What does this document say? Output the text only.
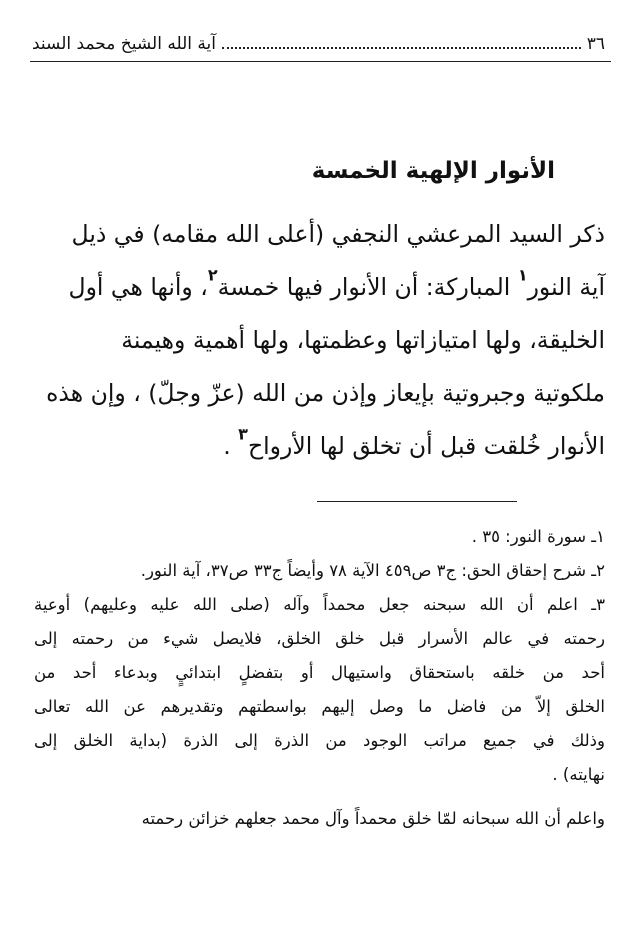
٣٦
آية الله الشيخ محمد السند
الأنوار الإلهية الخمسة

ذكر السيد المرعشي النجفي (أعلى الله مقامه) في ذيل
آية النور$^١$ المباركة: أن الأنوار فيها خمسة$^٢$، وأنها هي أول
الخليقة، ولها امتيازاتها وعظمتها، ولها أهمية وهيمنة
ملكوتية وجبروتية بإيعاز وإذن من الله (عزّ وجلّ) ، وإن هذه
الأنوار خُلقت قبل أن تخلق لها الأرواح$^٣$ .

١ـ سورة النور: ٣٥ .

٢ـ شرح إحقاق الحق: ج٣ ص٤٥٩ الآية ٧٨ وأيضاً ج٣٣ ص٣٧، آية النور.

٣ـ اعلم أن الله سبحنه جعل محمداً وآله (صلى الله عليه وعليهم) أوعية
رحمته في عالم الأسرار قبل خلق الخلق، فلايصل شيء من رحمته إلى
أحد من خلقه باستحقاق واستيهال أو بتفضلٍ ابتدائيٍ وبدعاء أحد من
الخلق إلاّ من فاضل ما وصل إليهم بواسطتهم وتقديرهم عن الله تعالى
وذلك في جميع مراتب الوجود من الذرة إلى الذرة (بداية الخلق إلى
نهايته) .

واعلم أن الله سبحانه لمّا خلق محمداً وآل محمد جعلهم خزائن رحمته
